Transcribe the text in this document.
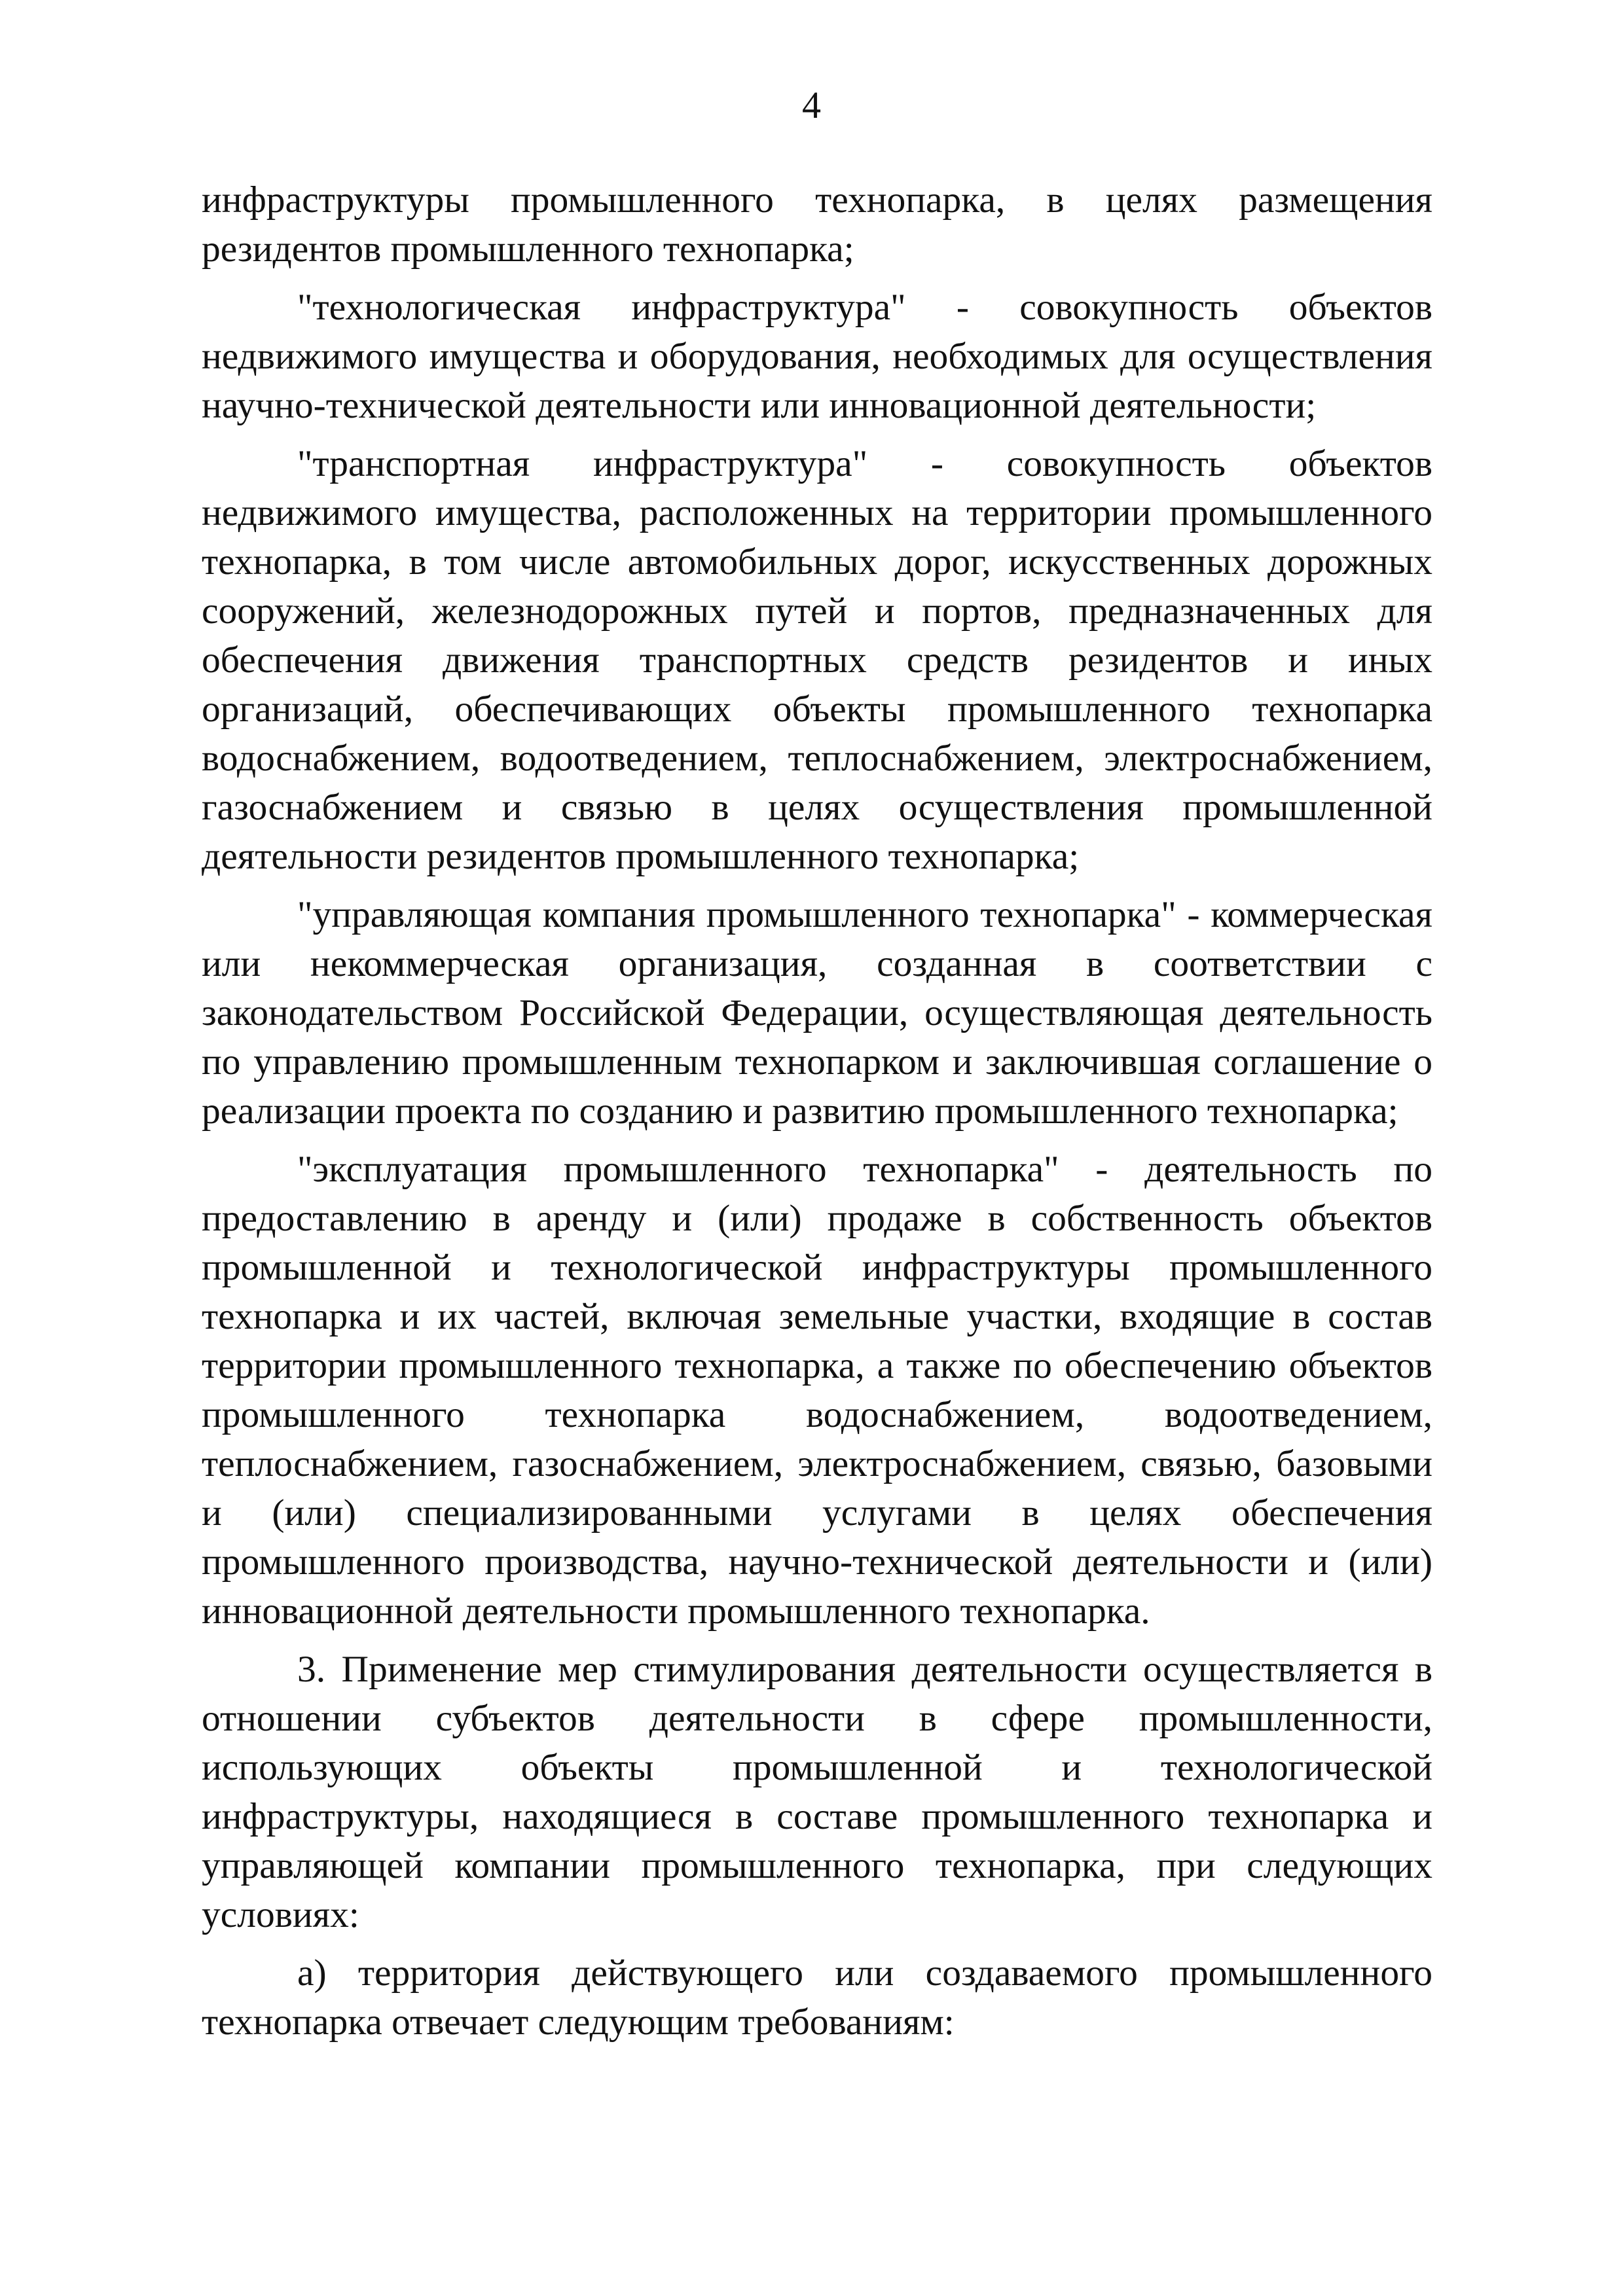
4

инфраструктуры промышленного технопарка, в целях размещения резидентов промышленного технопарка;

"технологическая инфраструктура" - совокупность объектов недвижимого имущества и оборудования, необходимых для осуществления научно-технической деятельности или инновационной деятельности;

"транспортная инфраструктура" - совокупность объектов недвижимого имущества, расположенных на территории промышленного технопарка, в том числе автомобильных дорог, искусственных дорожных сооружений, железнодорожных путей и портов, предназначенных для обеспечения движения транспортных средств резидентов и иных организаций, обеспечивающих объекты промышленного технопарка водоснабжением, водоотведением, теплоснабжением, электроснабжением, газоснабжением и связью в целях осуществления промышленной деятельности резидентов промышленного технопарка;

"управляющая компания промышленного технопарка" - коммерческая или некоммерческая организация, созданная в соответствии с законодательством Российской Федерации, осуществляющая деятельность по управлению промышленным технопарком и заключившая соглашение о реализации проекта по созданию и развитию промышленного технопарка;

"эксплуатация промышленного технопарка" - деятельность по предоставлению в аренду и (или) продаже в собственность объектов промышленной и технологической инфраструктуры промышленного технопарка и их частей, включая земельные участки, входящие в состав территории промышленного технопарка, а также по обеспечению объектов промышленного технопарка водоснабжением, водоотведением, теплоснабжением, газоснабжением, электроснабжением, связью, базовыми и (или) специализированными услугами в целях обеспечения промышленного производства, научно-технической деятельности и (или) инновационной деятельности промышленного технопарка.

3. Применение мер стимулирования деятельности осуществляется в отношении субъектов деятельности в сфере промышленности, использующих объекты промышленной и технологической инфраструктуры, находящиеся в составе промышленного технопарка и управляющей компании промышленного технопарка, при следующих условиях:

а) территория действующего или создаваемого промышленного технопарка отвечает следующим требованиям:
